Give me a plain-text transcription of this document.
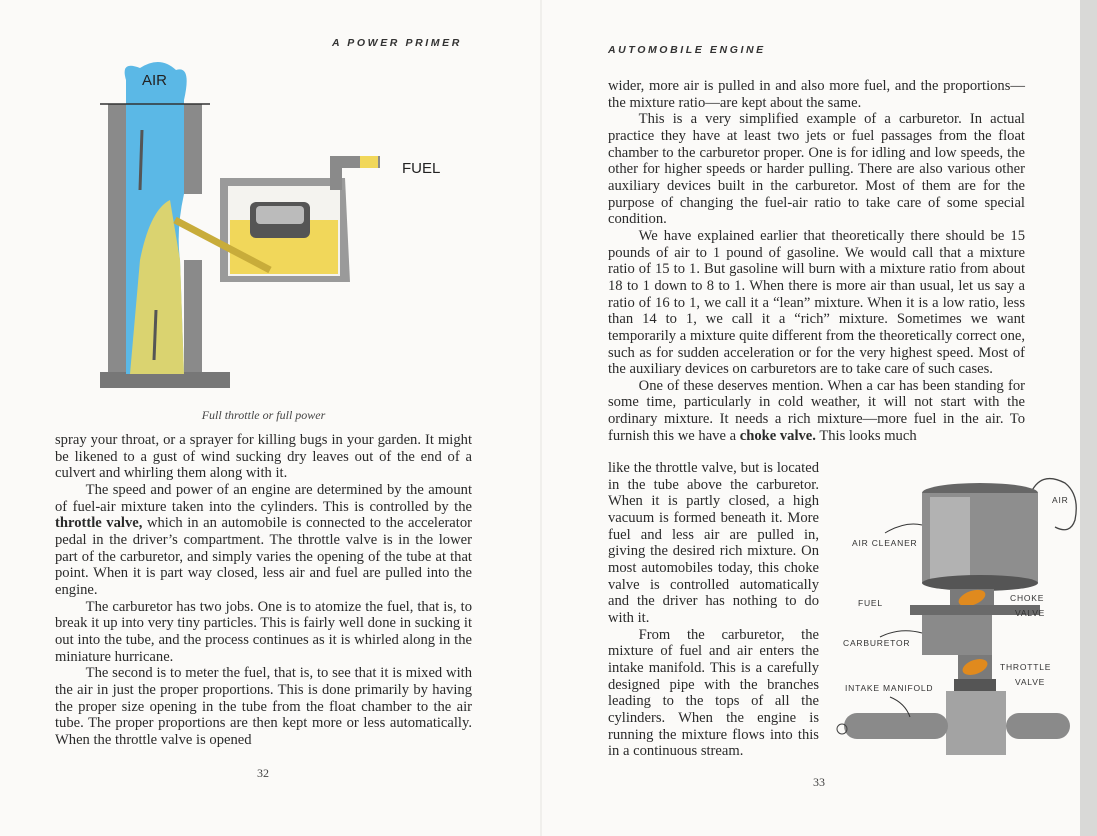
A POWER PRIMER
AIR
FUEL
Full throttle or full power

spray your throat, or a sprayer for killing bugs in your garden. It might be likened to a gust of wind sucking dry leaves out of the end of a culvert and whirling them along with it.

The speed and power of an engine are determined by the amount of fuel-air mixture taken into the cylinders. This is controlled by the throttle valve, which in an automobile is connected to the accelerator pedal in the driver’s compartment. The throttle valve is in the lower part of the carburetor, and simply varies the opening of the tube at that point. When it is part way closed, less air and fuel are pulled into the engine.

The carburetor has two jobs. One is to atomize the fuel, that is, to break it up into very tiny particles. This is fairly well done in sucking it out into the tube, and the process continues as it is whirled along in the miniature hurricane.

The second is to meter the fuel, that is, to see that it is mixed with the air in just the proper proportions. This is done primarily by having the proper size opening in the tube from the float chamber to the air tube. The proper proportions are then kept more or less automatically. When the throttle valve is opened

32
AUTOMOBILE ENGINE

wider, more air is pulled in and also more fuel, and the proportions—the mixture ratio—are kept about the same.

This is a very simplified example of a carburetor. In actual practice they have at least two jets or fuel passages from the float chamber to the carburetor proper. One is for idling and low speeds, the other for higher speeds or harder pulling. There are also various other auxiliary devices built in the carburetor. Most of them are for the purpose of changing the fuel-air ratio to take care of some special condition.

We have explained earlier that theoretically there should be 15 pounds of air to 1 pound of gasoline. We would call that a mixture ratio of 15 to 1. But gasoline will burn with a mixture ratio from about 18 to 1 down to 8 to 1. When there is more air than usual, let us say a ratio of 16 to 1, we call it a “lean” mixture. When it is a low ratio, less than 14 to 1, we call it a “rich” mixture. Sometimes we want temporarily a mixture quite different from the theoretically correct one, such as for sudden acceleration or for the very highest speed. Most of the auxiliary devices on carburetors are to take care of such cases.

One of these deserves mention. When a car has been standing for some time, particularly in cold weather, it will not start with the ordinary mixture. It needs a rich mixture—more fuel in the air. To furnish this we have a choke valve. This looks much

like the throttle valve, but is located in the tube above the carburetor. When it is partly closed, a high vacuum is formed beneath it. More fuel and less air are pulled in, giving the desired rich mixture. On most automobiles today, this choke valve is controlled automatically and the driver has nothing to do with it.

From the carburetor, the mixture of fuel and air enters the intake manifold. This is a carefully designed pipe with the branches leading to the tops of all the cylinders. When the engine is running the mixture flows into this in a continuous stream.

AIR
AIR CLEANER
FUEL	CHOKE
VALVE
CARBURETOR
THROTTLE
VALVE
INTAKE MANIFOLD
33
